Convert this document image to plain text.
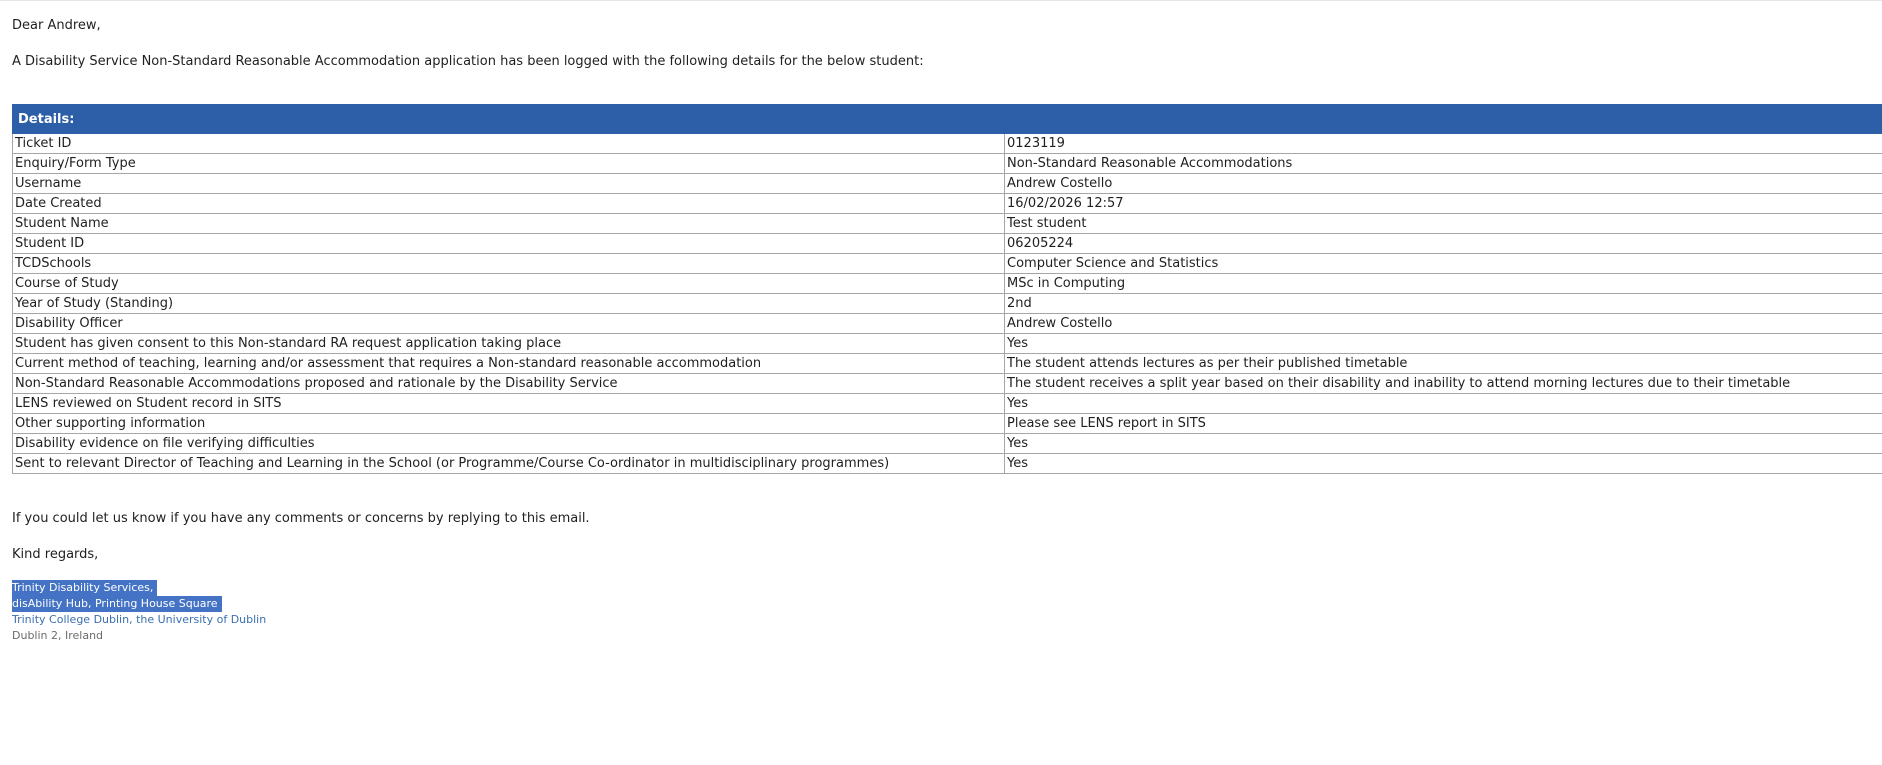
Dear Andrew,

A Disability Service Non-Standard Reasonable Accommodation application has been logged with the following details for the below student:

Details:	
Ticket ID	0123119
Enquiry/Form Type	Non-Standard Reasonable Accommodations
Username	Andrew Costello
Date Created	16/02/2026 12:57
Student Name	Test student
Student ID	06205224
TCDSchools	Computer Science and Statistics
Course of Study	MSc in Computing
Year of Study (Standing)	2nd
Disability Officer	Andrew Costello
Student has given consent to this Non-standard RA request application taking place	Yes
Current method of teaching, learning and/or assessment that requires a Non-standard reasonable accommodation	The student attends lectures as per their published timetable
Non-Standard Reasonable Accommodations proposed and rationale by the Disability Service	The student receives a split year based on their disability and inability to attend morning lectures due to their timetable
LENS reviewed on Student record in SITS	Yes
Other supporting information	Please see LENS report in SITS
Disability evidence on file verifying difficulties	Yes
Sent to relevant Director of Teaching and Learning in the School (or Programme/Course Co-ordinator in multidisciplinary programmes)	Yes

If you could let us know if you have any comments or concerns by replying to this email.

Kind regards,

Trinity Disability Services,
disAbility Hub, Printing House Square
Trinity College Dublin, the University of Dublin
Dublin 2, Ireland
